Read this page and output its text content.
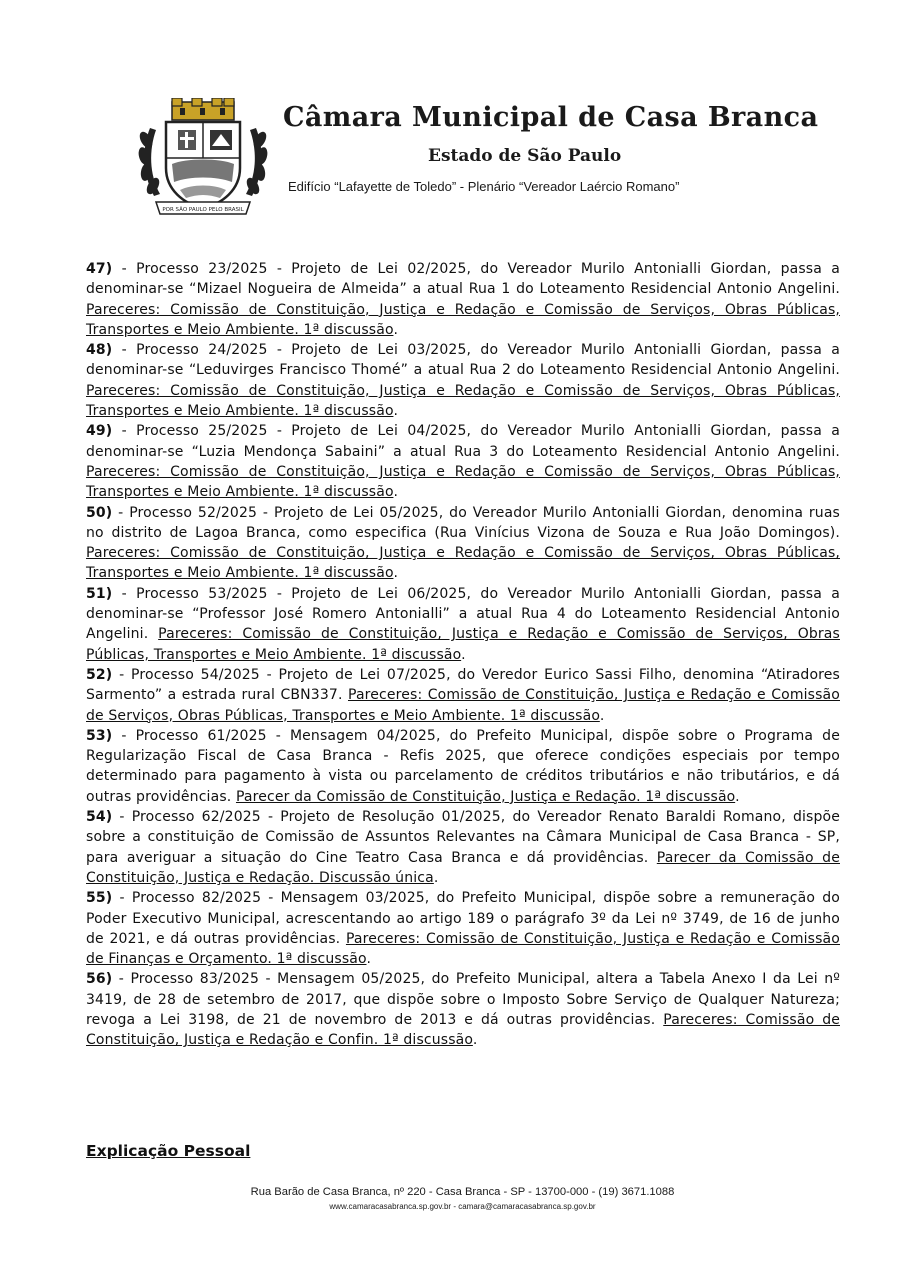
POR SÃO PAULO PELO BRASIL
Câmara Municipal de Casa Branca
Estado de São Paulo
Edifício “Lafayette de Toledo” - Plenário “Vereador Laércio Romano”

47) - Processo 23/2025 - Projeto de Lei 02/2025, do Vereador Murilo Antonialli Giordan, passa a denominar-se “Mizael Nogueira de Almeida” a atual Rua 1 do Loteamento Residencial Antonio Angelini. Pareceres: Comissão de Constituição, Justiça e Redação e Comissão de Serviços, Obras Públicas, Transportes e Meio Ambiente. 1ª discussão.

48) - Processo 24/2025 - Projeto de Lei 03/2025, do Vereador Murilo Antonialli Giordan, passa a denominar-se “Leduvirges Francisco Thomé” a atual Rua 2 do Loteamento Residencial Antonio Angelini. Pareceres: Comissão de Constituição, Justiça e Redação e Comissão de Serviços, Obras Públicas, Transportes e Meio Ambiente. 1ª discussão.

49) - Processo 25/2025 - Projeto de Lei 04/2025, do Vereador Murilo Antonialli Giordan, passa a denominar-se “Luzia Mendonça Sabaini” a atual Rua 3 do Loteamento Residencial Antonio Angelini. Pareceres: Comissão de Constituição, Justiça e Redação e Comissão de Serviços, Obras Públicas, Transportes e Meio Ambiente. 1ª discussão.

50) - Processo 52/2025 - Projeto de Lei 05/2025, do Vereador Murilo Antonialli Giordan, denomina ruas no distrito de Lagoa Branca, como especifica (Rua Vinícius Vizona de Souza e Rua João Domingos). Pareceres: Comissão de Constituição, Justiça e Redação e Comissão de Serviços, Obras Públicas, Transportes e Meio Ambiente. 1ª discussão.

51) - Processo 53/2025 - Projeto de Lei 06/2025, do Vereador Murilo Antonialli Giordan, passa a denominar-se “Professor José Romero Antonialli” a atual Rua 4 do Loteamento Residencial Antonio Angelini. Pareceres: Comissão de Constituição, Justiça e Redação e Comissão de Serviços, Obras Públicas, Transportes e Meio Ambiente. 1ª discussão.

52) - Processo 54/2025 - Projeto de Lei 07/2025, do Veredor Eurico Sassi Filho, denomina “Atiradores Sarmento” a estrada rural CBN337. Pareceres: Comissão de Constituição, Justiça e Redação e Comissão de Serviços, Obras Públicas, Transportes e Meio Ambiente. 1ª discussão.

53) - Processo 61/2025 - Mensagem 04/2025, do Prefeito Municipal, dispõe sobre o Programa de Regularização Fiscal de Casa Branca - Refis 2025, que oferece condições especiais por tempo determinado para pagamento à vista ou parcelamento de créditos tributários e não tributários, e dá outras providências. Parecer da Comissão de Constituição, Justiça e Redação. 1ª discussão.

54) - Processo 62/2025 - Projeto de Resolução 01/2025, do Vereador Renato Baraldi Romano, dispõe sobre a constituição de Comissão de Assuntos Relevantes na Câmara Municipal de Casa Branca - SP, para averiguar a situação do Cine Teatro Casa Branca e dá providências. Parecer da Comissão de Constituição, Justiça e Redação. Discussão única.

55) - Processo 82/2025 - Mensagem 03/2025, do Prefeito Municipal, dispõe sobre a remuneração do Poder Executivo Municipal, acrescentando ao artigo 189 o parágrafo 3º da Lei nº 3749, de 16 de junho de 2021, e dá outras providências. Pareceres: Comissão de Constituição, Justiça e Redação e Comissão de Finanças e Orçamento. 1ª discussão.

56) - Processo 83/2025 - Mensagem 05/2025, do Prefeito Municipal, altera a Tabela Anexo I da Lei nº 3419, de 28 de setembro de 2017, que dispõe sobre o Imposto Sobre Serviço de Qualquer Natureza; revoga a Lei 3198, de 21 de novembro de 2013 e dá outras providências. Pareceres: Comissão de Constituição, Justiça e Redação e Confin. 1ª discussão.

Explicação Pessoal
Rua Barão de Casa Branca, nº 220 - Casa Branca - SP - 13700-000 - (19) 3671.1088
www.camaracasabranca.sp.gov.br - camara@camaracasabranca.sp.gov.br
